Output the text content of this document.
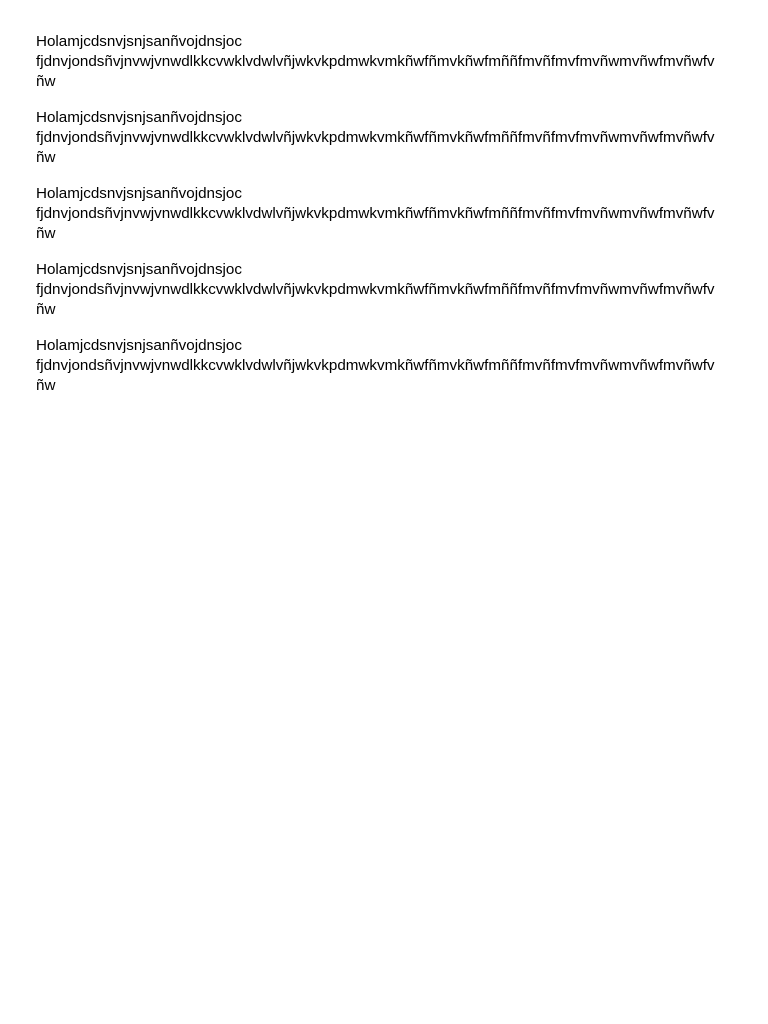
Holamjcdsnvjsnjsanñvojdnsjoc
fjdnvjondsñvjnvwjvnwdlkkcvwklvdwlvñjwkvkpdmwkvmkñwfñmvkñwfmññfmvñfmvfmvñwmvñwfmvñwfv
ñw

Holamjcdsnvjsnjsanñvojdnsjoc
fjdnvjondsñvjnvwjvnwdlkkcvwklvdwlvñjwkvkpdmwkvmkñwfñmvkñwfmññfmvñfmvfmvñwmvñwfmvñwfv
ñw

Holamjcdsnvjsnjsanñvojdnsjoc
fjdnvjondsñvjnvwjvnwdlkkcvwklvdwlvñjwkvkpdmwkvmkñwfñmvkñwfmññfmvñfmvfmvñwmvñwfmvñwfv
ñw

Holamjcdsnvjsnjsanñvojdnsjoc
fjdnvjondsñvjnvwjvnwdlkkcvwklvdwlvñjwkvkpdmwkvmkñwfñmvkñwfmññfmvñfmvfmvñwmvñwfmvñwfv
ñw

Holamjcdsnvjsnjsanñvojdnsjoc
fjdnvjondsñvjnvwjvnwdlkkcvwklvdwlvñjwkvkpdmwkvmkñwfñmvkñwfmññfmvñfmvfmvñwmvñwfmvñwfv
ñw
